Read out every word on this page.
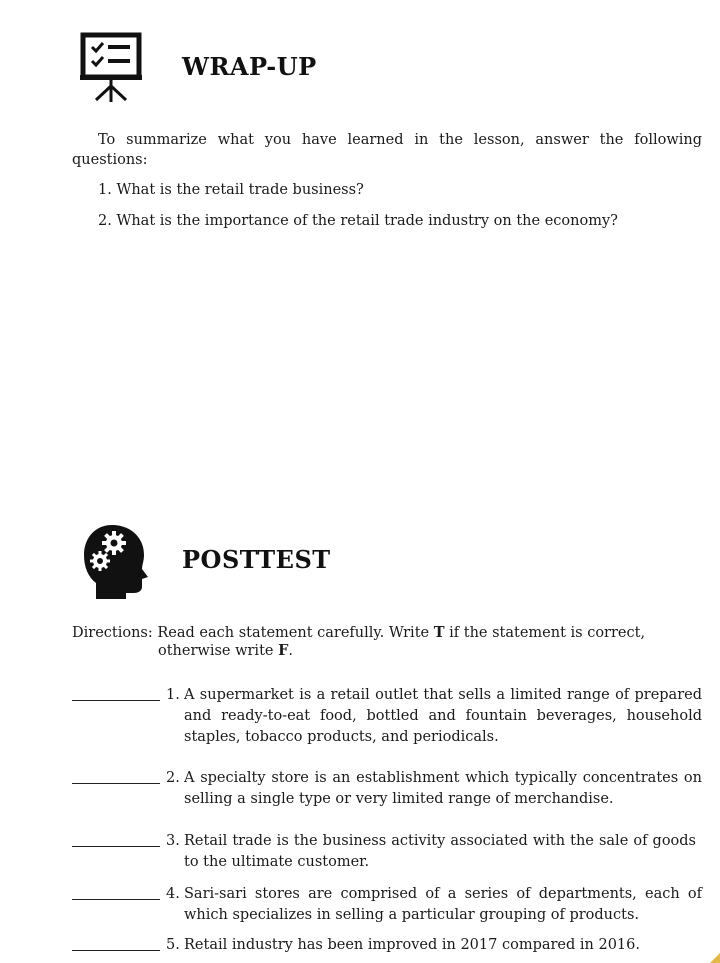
WRAP-UP
To summarize what you have learned in the lesson, answer the following
questions:
1. What is the retail trade business?
2. What is the importance of the retail trade industry on the economy?
POSTTEST
Directions: Read each statement carefully. Write T if the statement is correct,
otherwise write F.
1. A supermarket is a retail outlet that sells a limited range of prepared
and ready-to-eat food, bottled and fountain beverages, household
staples, tobacco products, and periodicals.
2. A specialty store is an establishment which typically concentrates on
selling a single type or very limited range of merchandise.
3. Retail trade is the business activity associated with the sale of goods
to the ultimate customer.
4. Sari-sari stores are comprised of a series of departments, each of
which specializes in selling a particular grouping of products.
5. Retail industry has been improved in 2017 compared in 2016.
